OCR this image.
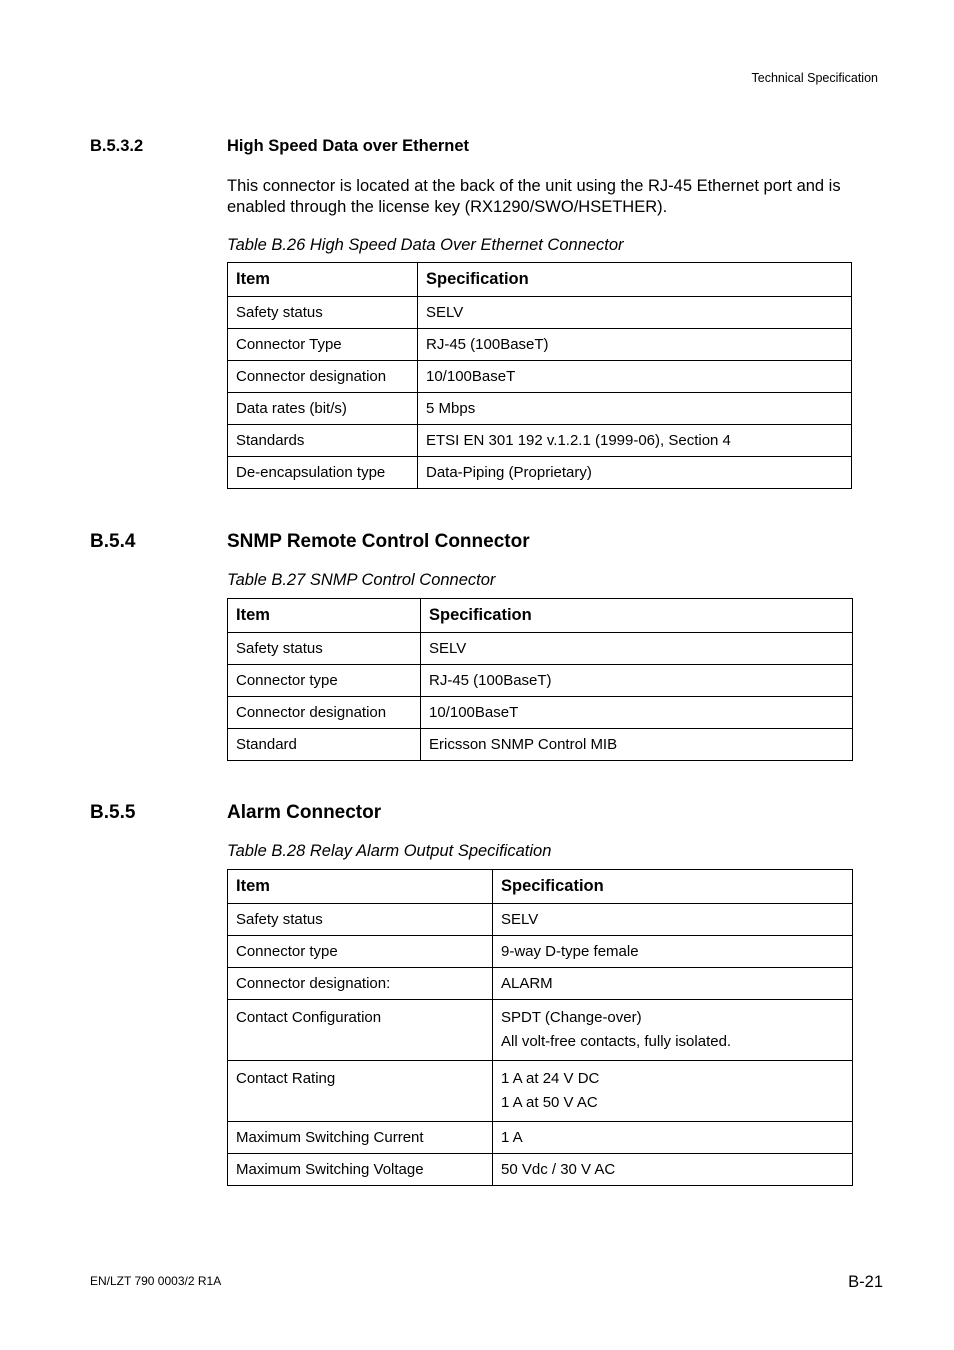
Technical Specification
B.5.3.2	High Speed Data over Ethernet
This connector is located at the back of the unit using the RJ-45 Ethernet port and is
enabled through the license key (RX1290/SWO/HSETHER).
Table B.26 High Speed Data Over Ethernet Connector
Item	Specification
Safety status	SELV
Connector Type	RJ-45 (100BaseT)
Connector designation	10/100BaseT
Data rates (bit/s)	5 Mbps
Standards	ETSI EN 301 192 v.1.2.1 (1999-06), Section 4
De-encapsulation type	Data-Piping (Proprietary)
B.5.4	SNMP Remote Control Connector
Table B.27 SNMP Control Connector
Item	Specification
Safety status	SELV
Connector type	RJ-45 (100BaseT)
Connector designation	10/100BaseT
Standard	Ericsson SNMP Control MIB
B.5.5	Alarm Connector
Table B.28 Relay Alarm Output Specification
Item	Specification
Safety status	SELV
Connector type	9-way D-type female
Connector designation:	ALARM
Contact Configuration	SPDT (Change-over)
All volt-free contacts, fully isolated.

Contact Rating	1 A at 24 V DC
1 A at 50 V AC

Maximum Switching Current	1 A
Maximum Switching Voltage	50 Vdc / 30 V AC
EN/LZT 790 0003/2 R1A	B-21
